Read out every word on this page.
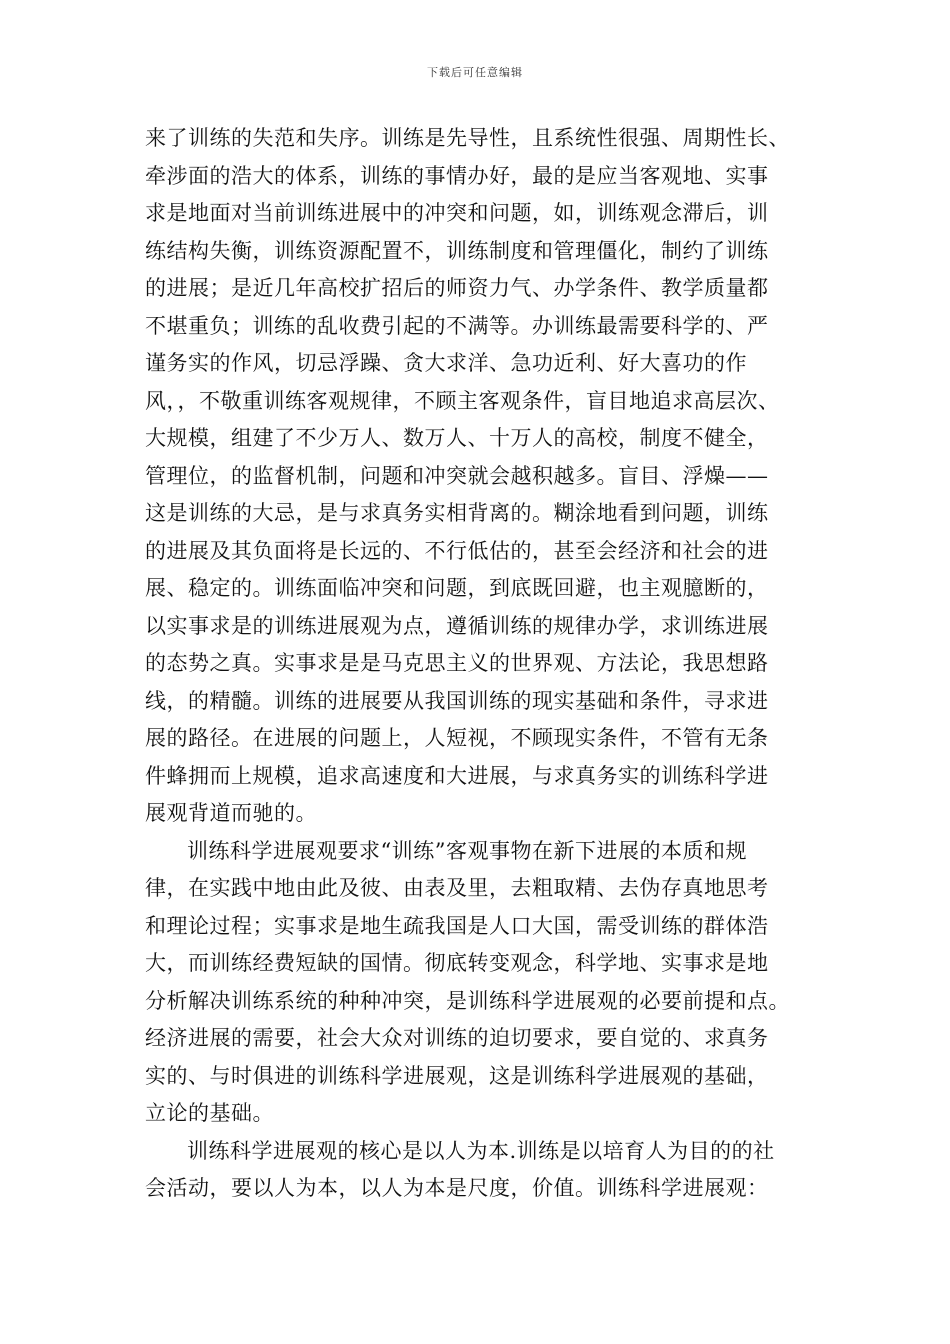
下载后可任意编辑
来了训练的失范和失序。训练是先导性，且系统性很强、周期性长、
牵涉面的浩大的体系，训练的事情办好，最的是应当客观地、实事
求是地面对当前训练进展中的冲突和问题，如，训练观念滞后，训
练结构失衡，训练资源配置不，训练制度和管理僵化，制约了训练
的进展；是近几年高校扩招后的师资力气、办学条件、教学质量都
不堪重负；训练的乱收费引起的不满等。办训练最需要科学的、严
谨务实的作风，切忌浮躁、贪大求洋、急功近利、好大喜功的作
风，，不敬重训练客观规律，不顾主客观条件，盲目地追求高层次、
大规模，组建了不少万人、数万人、十万人的高校，制度不健全，
管理位，的监督机制，问题和冲突就会越积越多。盲目、浮燥——
这是训练的大忌，是与求真务实相背离的。糊涂地看到问题，训练
的进展及其负面将是长远的、不行低估的，甚至会经济和社会的进
展、稳定的。训练面临冲突和问题，到底既回避，也主观臆断的，
以实事求是的训练进展观为点，遵循训练的规律办学，求训练进展
的态势之真。实事求是是马克思主义的世界观、方法论，我思想路
线，的精髓。训练的进展要从我国训练的现实基础和条件，寻求进
展的路径。在进展的问题上，人短视，不顾现实条件，不管有无条
件蜂拥而上规模，追求高速度和大进展，与求真务实的训练科学进
展观背道而驰的。
训练科学进展观要求“训练”客观事物在新下进展的本质和规
律，在实践中地由此及彼、由表及里，去粗取精、去伪存真地思考
和理论过程；实事求是地生疏我国是人口大国，需受训练的群体浩
大，而训练经费短缺的国情。彻底转变观念，科学地、实事求是地
分析解决训练系统的种种冲突，是训练科学进展观的必要前提和点。
经济进展的需要，社会大众对训练的迫切要求，要自觉的、求真务
实的、与时俱进的训练科学进展观，这是训练科学进展观的基础，
立论的基础。
训练科学进展观的核心是以人为本.训练是以培育人为目的的社
会活动，要以人为本，以人为本是尺度，价值。训练科学进展观：
